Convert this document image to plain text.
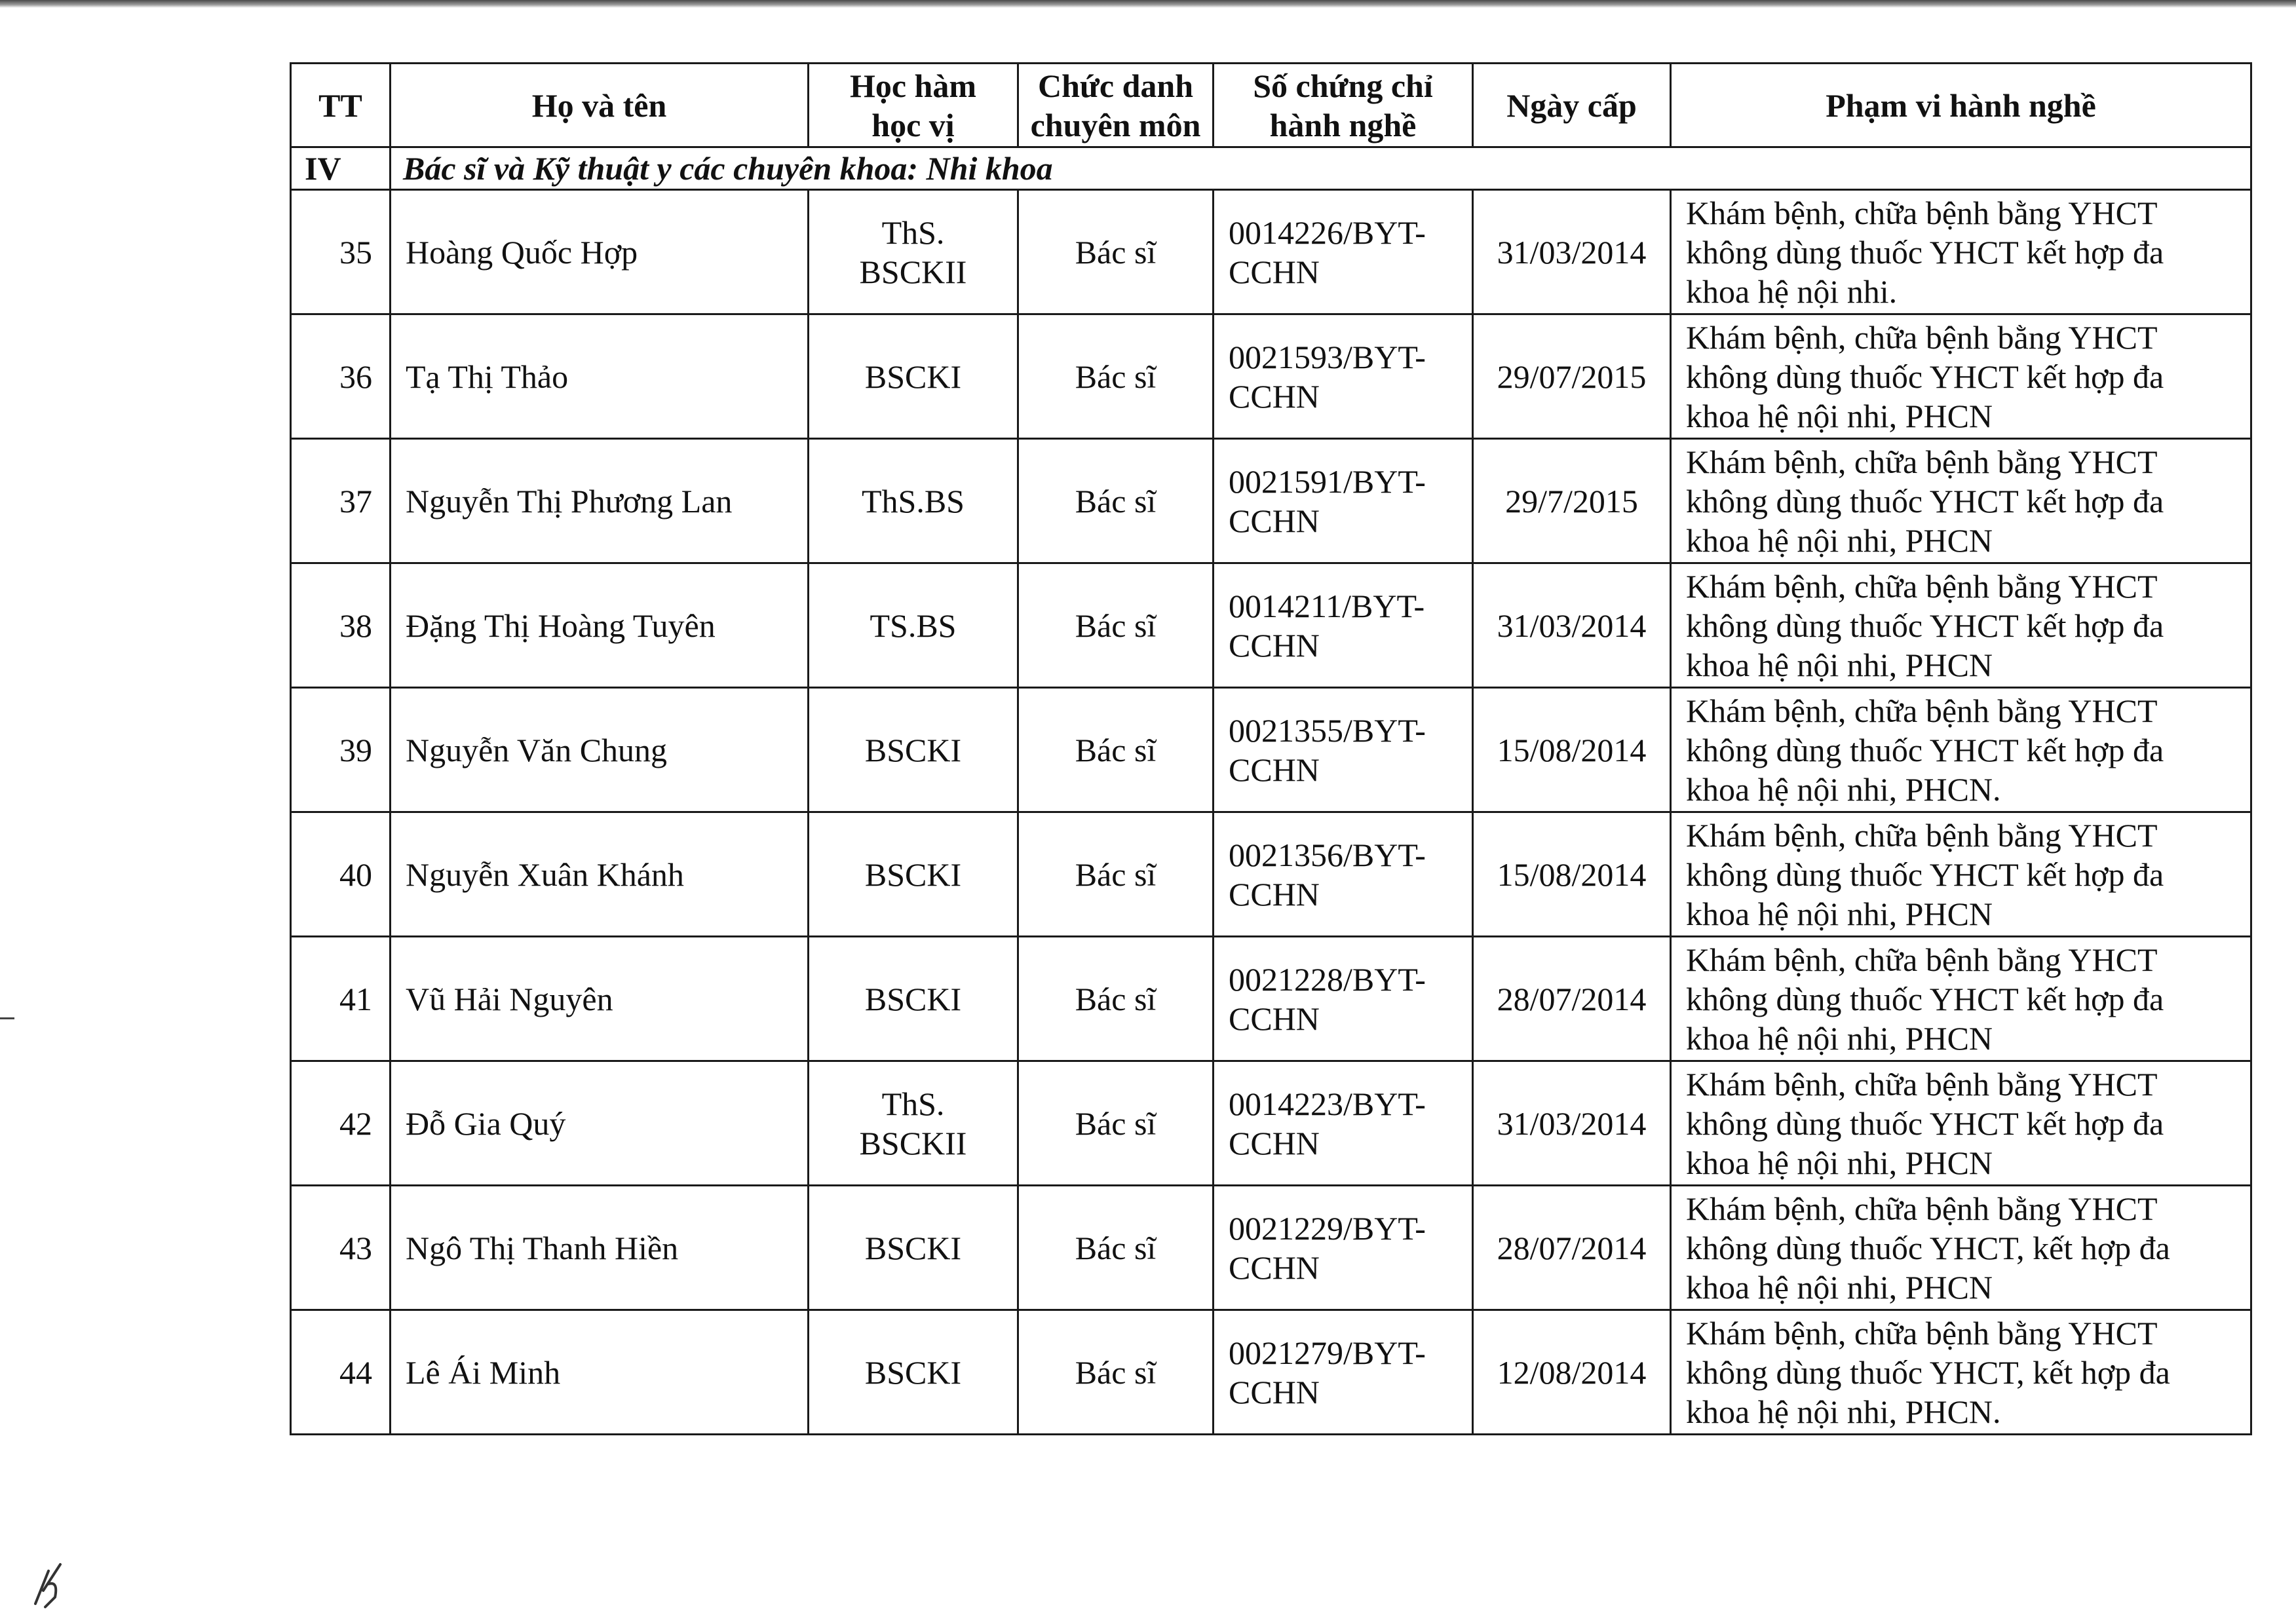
TT	Họ và tên	Học hàm
học vị	Chức danh
chuyên môn	Số chứng chỉ
hành nghề	Ngày cấp	Phạm vi hành nghề
IV	Bác sĩ và Kỹ thuật y các chuyên khoa: Nhi khoa					
35	Hoàng Quốc Hợp	ThS.
BSCKII	Bác sĩ	0014226/BYT-
CCHN	31/03/2014	Khám bệnh, chữa bệnh bằng YHCT
không dùng thuốc YHCT kết hợp đa
khoa hệ nội nhi.

36	Tạ Thị Thảo	BSCKI	Bác sĩ	0021593/BYT-
CCHN	29/07/2015	Khám bệnh, chữa bệnh bằng YHCT
không dùng thuốc YHCT kết hợp đa
khoa hệ nội nhi, PHCN

37	Nguyễn Thị Phương Lan	ThS.BS	Bác sĩ	0021591/BYT-
CCHN	29/7/2015	Khám bệnh, chữa bệnh bằng YHCT
không dùng thuốc YHCT kết hợp đa
khoa hệ nội nhi, PHCN

38	Đặng Thị Hoàng Tuyên	TS.BS	Bác sĩ	0014211/BYT-
CCHN	31/03/2014	Khám bệnh, chữa bệnh bằng YHCT
không dùng thuốc YHCT kết hợp đa
khoa hệ nội nhi, PHCN

39	Nguyễn Văn Chung	BSCKI	Bác sĩ	0021355/BYT-
CCHN	15/08/2014	Khám bệnh, chữa bệnh bằng YHCT
không dùng thuốc YHCT kết hợp đa
khoa hệ nội nhi, PHCN.

40	Nguyễn Xuân Khánh	BSCKI	Bác sĩ	0021356/BYT-
CCHN	15/08/2014	Khám bệnh, chữa bệnh bằng YHCT
không dùng thuốc YHCT kết hợp đa
khoa hệ nội nhi, PHCN

41	Vũ Hải Nguyên	BSCKI	Bác sĩ	0021228/BYT-
CCHN	28/07/2014	Khám bệnh, chữa bệnh bằng YHCT
không dùng thuốc YHCT kết hợp đa
khoa hệ nội nhi, PHCN

42	Đỗ Gia Quý	ThS.
BSCKII	Bác sĩ	0014223/BYT-
CCHN	31/03/2014	Khám bệnh, chữa bệnh bằng YHCT
không dùng thuốc YHCT kết hợp đa
khoa hệ nội nhi, PHCN

43	Ngô Thị Thanh Hiền	BSCKI	Bác sĩ	0021229/BYT-
CCHN	28/07/2014	Khám bệnh, chữa bệnh bằng YHCT
không dùng thuốc YHCT, kết hợp đa
khoa hệ nội nhi, PHCN

44	Lê Ái Minh	BSCKI	Bác sĩ	0021279/BYT-
CCHN	12/08/2014	Khám bệnh, chữa bệnh bằng YHCT
không dùng thuốc YHCT, kết hợp đa
khoa hệ nội nhi, PHCN.
